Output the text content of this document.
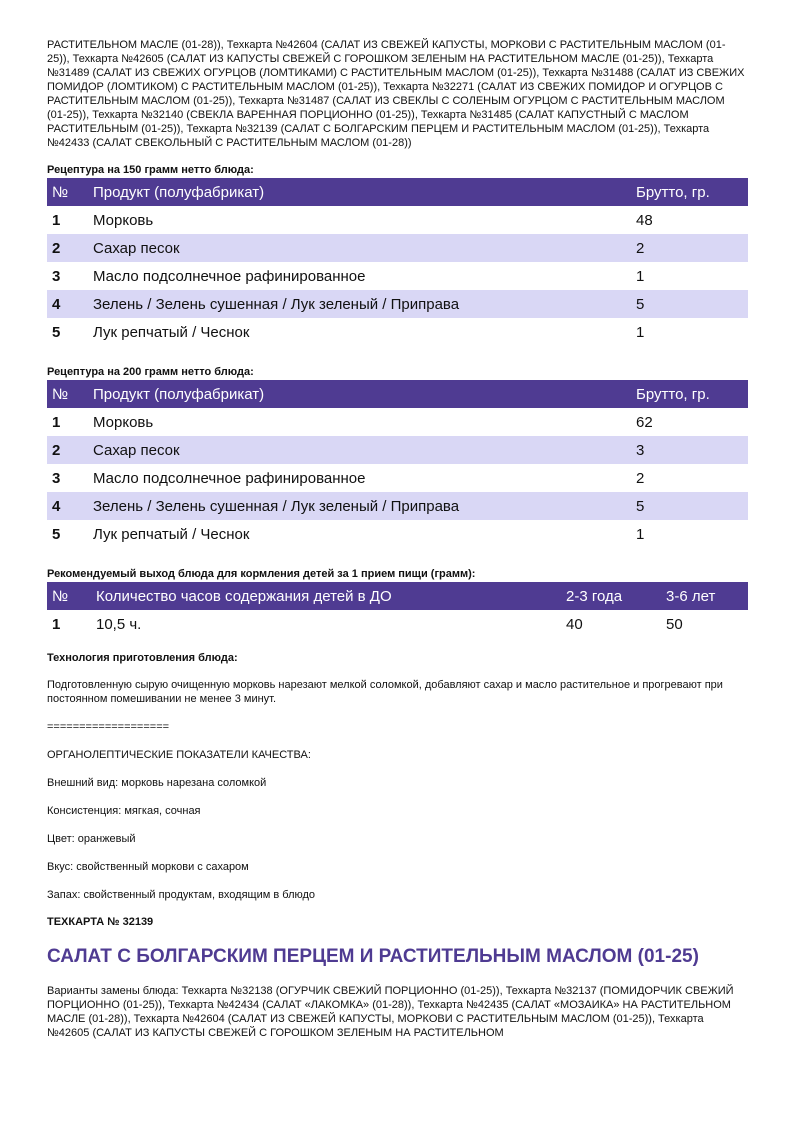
РАСТИТЕЛЬНОМ МАСЛЕ (01-28)), Техкарта №42604 (САЛАТ ИЗ СВЕЖЕЙ КАПУСТЫ, МОРКОВИ С РАСТИТЕЛЬНЫМ МАСЛОМ (01-25)), Техкарта №42605 (САЛАТ ИЗ КАПУСТЫ СВЕЖЕЙ С ГОРОШКОМ ЗЕЛЕНЫМ НА РАСТИТЕЛЬНОМ МАСЛЕ (01-25)), Техкарта №31489 (САЛАТ ИЗ СВЕЖИХ ОГУРЦОВ (ЛОМТИКАМИ) С РАСТИТЕЛЬНЫМ МАСЛОМ (01-25)), Техкарта №31488 (САЛАТ ИЗ СВЕЖИХ ПОМИДОР (ЛОМТИКОМ) С РАСТИТЕЛЬНЫМ МАСЛОМ (01-25)), Техкарта №32271 (САЛАТ ИЗ СВЕЖИХ ПОМИДОР И ОГУРЦОВ С РАСТИТЕЛЬНЫМ МАСЛОМ (01-25)), Техкарта №31487 (САЛАТ ИЗ СВЕКЛЫ С СОЛЕНЫМ ОГУРЦОМ С РАСТИТЕЛЬНЫМ МАСЛОМ (01-25)), Техкарта №32140 (СВЕКЛА ВАРЕННАЯ ПОРЦИОННО (01-25)), Техкарта №31485 (САЛАТ КАПУСТНЫЙ С МАСЛОМ РАСТИТЕЛЬНЫМ (01-25)), Техкарта №32139 (САЛАТ С БОЛГАРСКИМ ПЕРЦЕМ И РАСТИТЕЛЬНЫМ МАСЛОМ (01-25)), Техкарта №42433 (САЛАТ СВЕКОЛЬНЫЙ С РАСТИТЕЛЬНЫМ МАСЛОМ (01-28))

Рецептура на 150 грамм нетто блюда:

№	Продукт (полуфабрикат)	Брутто, гр.
1	Морковь	48
2	Сахар песок	2
3	Масло подсолнечное рафинированное	1
4	Зелень / Зелень сушенная / Лук зеленый / Приправа	5
5	Лук репчатый / Чеснок	1

Рецептура на 200 грамм нетто блюда:

№	Продукт (полуфабрикат)	Брутто, гр.
1	Морковь	62
2	Сахар песок	3
3	Масло подсолнечное рафинированное	2
4	Зелень / Зелень сушенная / Лук зеленый / Приправа	5
5	Лук репчатый / Чеснок	1

Рекомендуемый выход блюда для кормления детей за 1 прием пищи (грамм):

№	Количество часов содержания детей в ДО	2-3 года	3-6 лет
1	10,5 ч.	40	50

Технология приготовления блюда:

Подготовленную сырую очищенную морковь нарезают мелкой соломкой, добавляют сахар и масло растительное и прогревают при постоянном помешивании не менее 3 минут.

===================

ОРГАНОЛЕПТИЧЕСКИЕ ПОКАЗАТЕЛИ КАЧЕСТВА:

Внешний вид: морковь нарезана соломкой

Консистенция: мягкая, сочная

Цвет: оранжевый

Вкус: свойственный моркови с сахаром

Запах: свойственный продуктам, входящим в блюдо

ТЕХКАРТА № 32139

САЛАТ С БОЛГАРСКИМ ПЕРЦЕМ И РАСТИТЕЛЬНЫМ МАСЛОМ (01-25)

Варианты замены блюда: Техкарта №32138 (ОГУРЧИК СВЕЖИЙ ПОРЦИОННО (01-25)), Техкарта №32137 (ПОМИДОРЧИК СВЕЖИЙ ПОРЦИОННО (01-25)), Техкарта №42434 (САЛАТ «ЛАКОМКА» (01-28)), Техкарта №42435 (САЛАТ «МОЗАИКА» НА РАСТИТЕЛЬНОМ МАСЛЕ (01-28)), Техкарта №42604 (САЛАТ ИЗ СВЕЖЕЙ КАПУСТЫ, МОРКОВИ С РАСТИТЕЛЬНЫМ МАСЛОМ (01-25)), Техкарта №42605 (САЛАТ ИЗ КАПУСТЫ СВЕЖЕЙ С ГОРОШКОМ ЗЕЛЕНЫМ НА РАСТИТЕЛЬНОМ
